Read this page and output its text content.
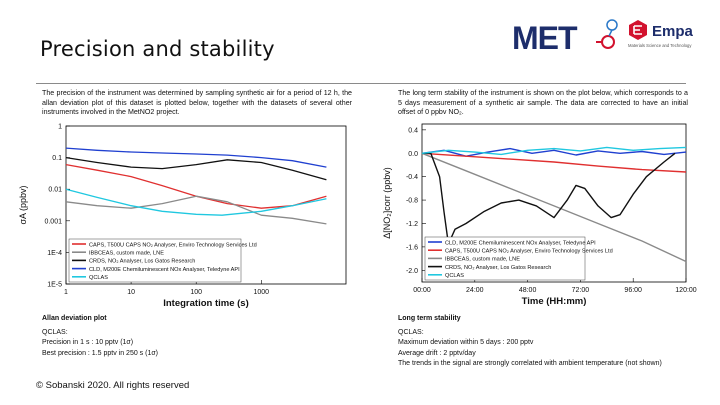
Precision and stability	MET	Empa
Materials Science and Technology
The precision of the instrument was determined by sampling synthetic air for a period of 12 h, the allan deviation plot of this dataset is plotted below, together with the datasets of several other instruments involved in the MetNO2 project.
The long term stability of the instrument is shown on the plot below, which corresponds to a 5 days measurement of a synthetic air sample. The data are corrected to have an initial offset of 0 ppbv NO₂.
1
0.1
0.01
0.001
1E-4
1E-5
1	10	100	1000
CAPS, T500U CAPS NO₂ Analyser, Enviro Technology Services Ltd
IBBCEAS, custom made, LNE
CRDS, NO₂ Analyser, Los Gatos Research
CLD, M200E Chemiluminescent NOx Analyser, Teledyne API
QCLAS
Integration time (s)
σA (ppbv)
0.4
0.0
-0.4
-0.8
-1.2
-1.6
-2.0
00:00	24:00	48:00	72:00	96:00	120:00
CLD, M200E Chemiluminescent NOx Analyser, Teledyne API
CAPS, T500U CAPS NO₂ Analyser, Enviro Technology Services Ltd
IBBCEAS, custom made, LNE
CRDS, NO₂ Analyser, Los Gatos Research
QCLAS
Time (HH:mm)
Δ[NO₂]corr (ppbv)
Allan deviation plot
QCLAS:
Precision in 1 s : 10 pptv (1σ)
Best precision : 1.5 pptv in 250 s (1σ)
Long term stability
QCLAS:
Maximum deviation within 5 days : 200 pptv
Average drift : 2 pptv/day
The trends in the signal are strongly correlated with ambient temperature (not shown)
© Sobanski 2020. All rights reserved
